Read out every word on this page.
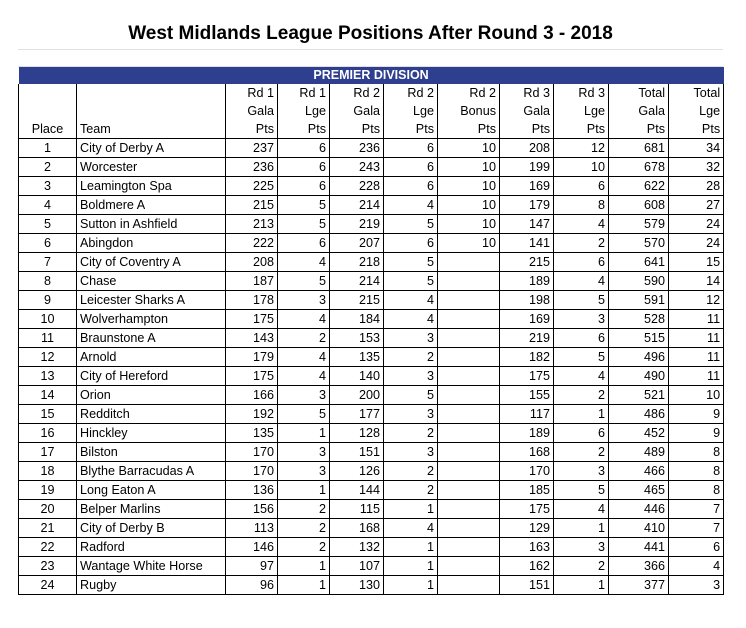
West Midlands League Positions After Round 3 - 2018
PREMIER DIVISION										
		Rd 1	Rd 1	Rd 2	Rd 2	Rd 2	Rd 3	Rd 3	Total	Total
		Gala	Lge	Gala	Lge	Bonus	Gala	Lge	Gala	Lge
Place	Team	Pts	Pts	Pts	Pts	Pts	Pts	Pts	Pts	Pts
1	City of Derby A	237	6	236	6	10	208	12	681	34
2	Worcester	236	6	243	6	10	199	10	678	32
3	Leamington Spa	225	6	228	6	10	169	6	622	28
4	Boldmere A	215	5	214	4	10	179	8	608	27
5	Sutton in Ashfield	213	5	219	5	10	147	4	579	24
6	Abingdon	222	6	207	6	10	141	2	570	24
7	City of Coventry A	208	4	218	5		215	6	641	15
8	Chase	187	5	214	5		189	4	590	14
9	Leicester Sharks A	178	3	215	4		198	5	591	12
10	Wolverhampton	175	4	184	4		169	3	528	11
11	Braunstone A	143	2	153	3		219	6	515	11
12	Arnold	179	4	135	2		182	5	496	11
13	City of Hereford	175	4	140	3		175	4	490	11
14	Orion	166	3	200	5		155	2	521	10
15	Redditch	192	5	177	3		117	1	486	9
16	Hinckley	135	1	128	2		189	6	452	9
17	Bilston	170	3	151	3		168	2	489	8
18	Blythe Barracudas A	170	3	126	2		170	3	466	8
19	Long Eaton A	136	1	144	2		185	5	465	8
20	Belper Marlins	156	2	115	1		175	4	446	7
21	City of Derby B	113	2	168	4		129	1	410	7
22	Radford	146	2	132	1		163	3	441	6
23	Wantage White Horse	97	1	107	1		162	2	366	4
24	Rugby	96	1	130	1		151	1	377	3
